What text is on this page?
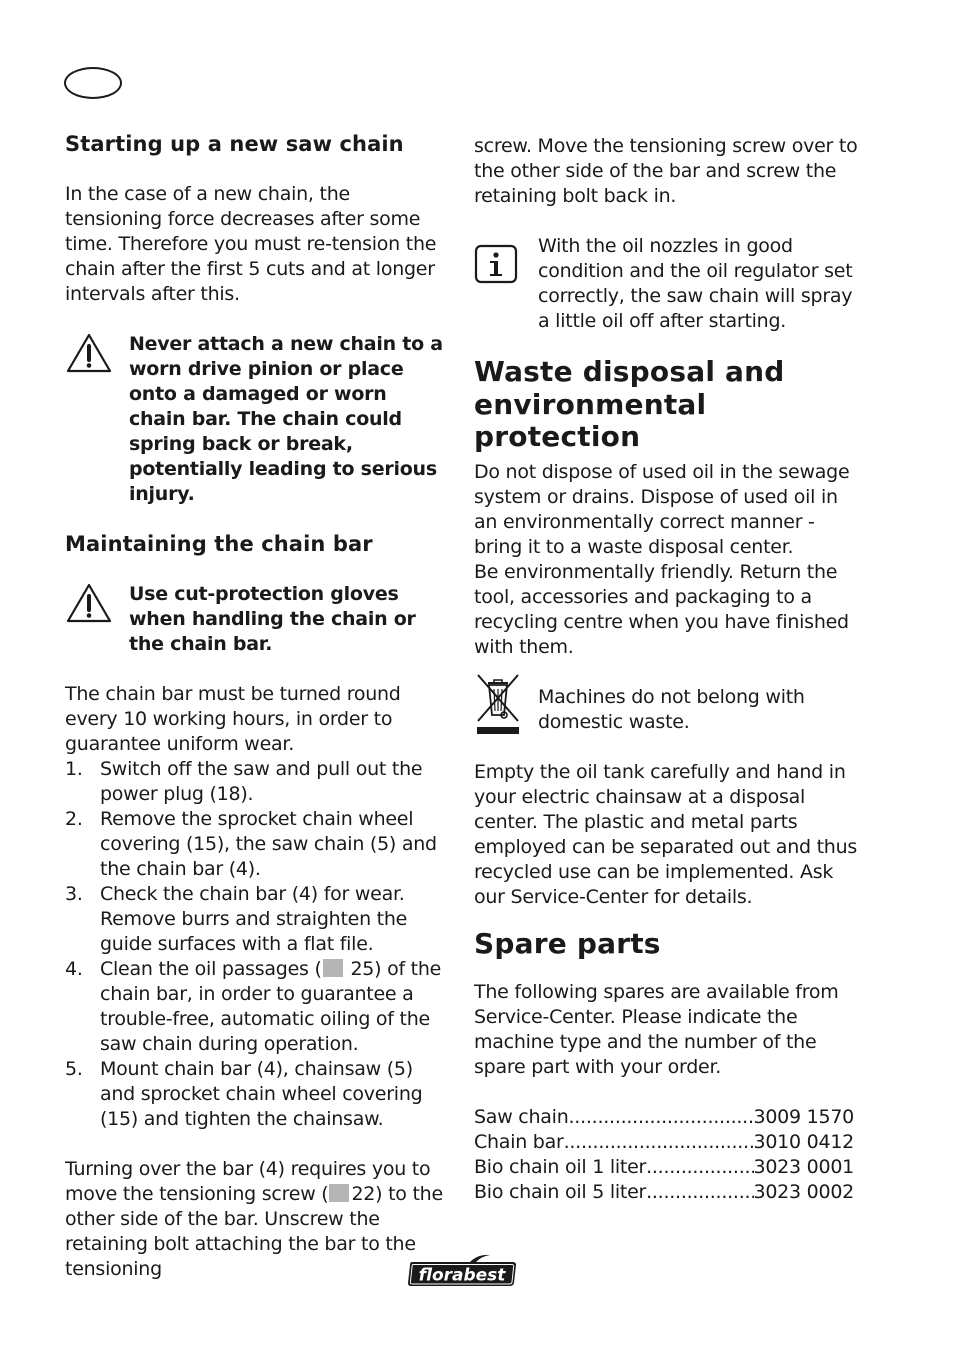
Starting up a new saw chain

In the case of a new chain, the tensioning force decreases after some time. Therefore you must re-tension the chain after the first 5 cuts and at longer intervals after this.

Never attach a new chain to a worn drive pinion or place onto a damaged or worn chain bar. The chain could spring back or break, potentially leading to serious injury.

Maintaining the chain bar

Use cut-protection gloves when handling the chain or the chain bar.

The chain bar must be turned round every 10 working hours, in order to guarantee uniform wear.

1. Switch off the saw and pull out the power plug (18).
2. Remove the sprocket chain wheel covering (15), the saw chain (5) and the chain bar (4).
3. Check the chain bar (4) for wear. Remove burrs and straighten the guide surfaces with a flat file.
4. Clean the oil passages ( 25) of the chain bar, in order to guarantee a trouble-free, automatic oiling of the saw chain during operation.
5. Mount chain bar (4), chainsaw (5) and sprocket chain wheel covering (15) and tighten the chainsaw.

Turning over the bar (4) requires you to move the tensioning screw ( 22) to the other side of the bar. Unscrew the retaining bolt attaching the bar to the tensioning

screw. Move the tensioning screw over to the other side of the bar and screw the retaining bolt back in.

With the oil nozzles in good condition and the oil regulator set correctly, the saw chain will spray a little oil off after starting.

Waste disposal and environmental protection

Do not dispose of used oil in the sewage system or drains. Dispose of used oil in an environmentally correct manner - bring it to a waste disposal center.

Be environmentally friendly. Return the tool, accessories and packaging to a recycling centre when you have finished with them.

Machines do not belong with domestic waste.

Empty the oil tank carefully and hand in your electric chainsaw at a disposal center. The plastic and metal parts employed can be separated out and thus recycled use can be implemented. Ask our Service-Center for details.

Spare parts

The following spares are available from Service-Center. Please indicate the machine type and the number of the spare part with your order.

Saw chain .....	3009 1570
Chain bar .....	3010 0412
Bio chain oil 1 liter .....	3023 0001
Bio chain oil 5 liter .....	3023 0002
florabest
